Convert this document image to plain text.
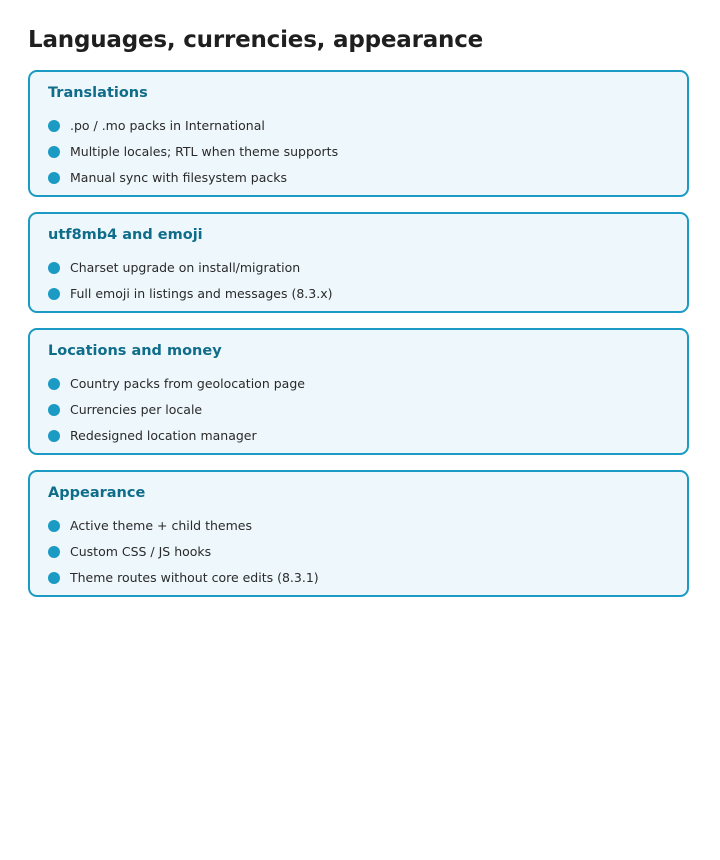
Languages, currencies, appearance
Translations
.po / .mo packs in International
Multiple locales; RTL when theme supports
Manual sync with filesystem packs
utf8mb4 and emoji
Charset upgrade on install/migration
Full emoji in listings and messages (8.3.x)
Locations and money
Country packs from geolocation page
Currencies per locale
Redesigned location manager
Appearance
Active theme + child themes
Custom CSS / JS hooks
Theme routes without core edits (8.3.1)
